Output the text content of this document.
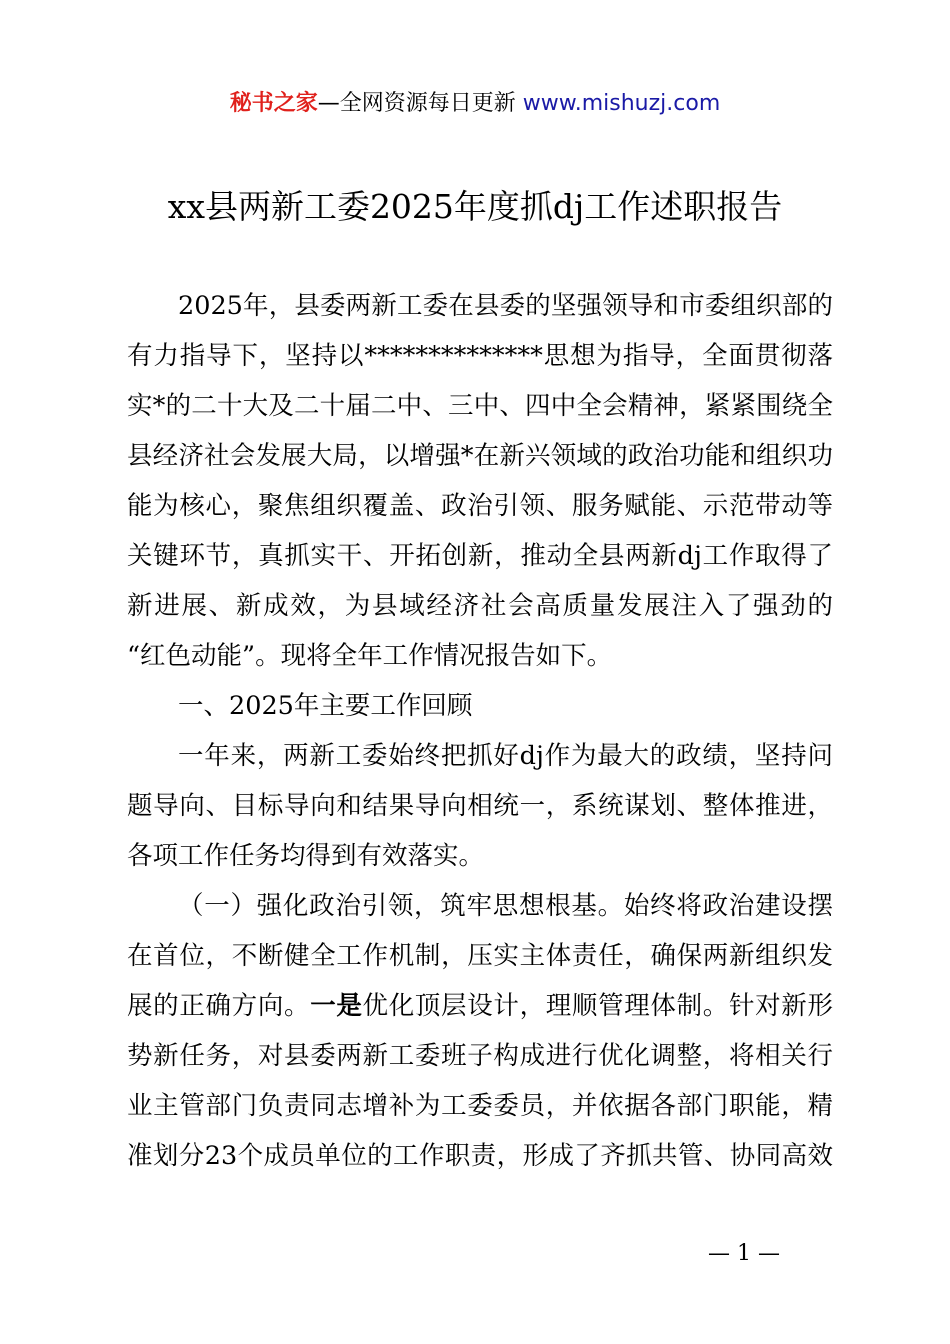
秘书之家—全网资源每日更新 www.mishuzj.com
xx县两新工委2025年度抓dj工作述职报告
2025年，县委两新工委在县委的坚强领导和市委组织部的
有力指导下，坚持以**************思想为指导，全面贯彻落
实*的二十大及二十届二中、三中、四中全会精神，紧紧围绕全
县经济社会发展大局，以增强*在新兴领域的政治功能和组织功
能为核心，聚焦组织覆盖、政治引领、服务赋能、示范带动等
关键环节，真抓实干、开拓创新，推动全县两新dj工作取得了
新进展、新成效，为县域经济社会高质量发展注入了强劲的
“红色动能”。现将全年工作情况报告如下。
一、2025年主要工作回顾
一年来，两新工委始终把抓好dj作为最大的政绩，坚持问
题导向、目标导向和结果导向相统一，系统谋划、整体推进，
各项工作任务均得到有效落实。
（一）强化政治引领，筑牢思想根基。始终将政治建设摆
在首位，不断健全工作机制，压实主体责任，确保两新组织发
展的正确方向。一是优化顶层设计，理顺管理体制。针对新形
势新任务，对县委两新工委班子构成进行优化调整，将相关行
业主管部门负责同志增补为工委委员，并依据各部门职能，精
准划分23个成员单位的工作职责，形成了齐抓共管、协同高效
— 1 —
